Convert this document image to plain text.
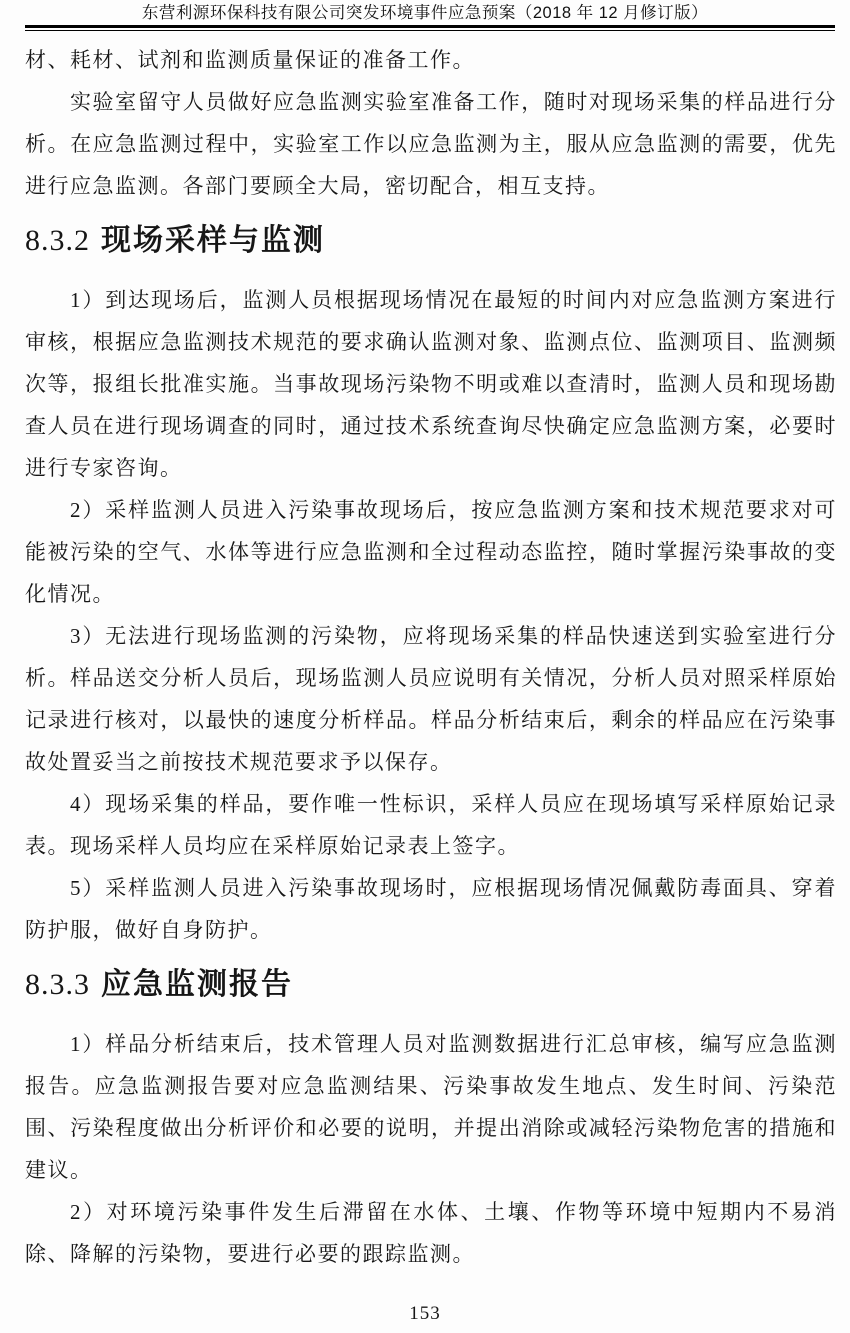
东营利源环保科技有限公司突发环境事件应急预案（2018 年 12 月修订版）

材、耗材、试剂和监测质量保证的准备工作。

实验室留守人员做好应急监测实验室准备工作，随时对现场采集的样品进行分析。在应急监测过程中，实验室工作以应急监测为主，服从应急监测的需要，优先进行应急监测。各部门要顾全大局，密切配合，相互支持。

8.3.2 现场采样与监测

1）到达现场后，监测人员根据现场情况在最短的时间内对应急监测方案进行审核，根据应急监测技术规范的要求确认监测对象、监测点位、监测项目、监测频次等，报组长批准实施。当事故现场污染物不明或难以查清时，监测人员和现场勘查人员在进行现场调查的同时，通过技术系统查询尽快确定应急监测方案，必要时进行专家咨询。

2）采样监测人员进入污染事故现场后，按应急监测方案和技术规范要求对可能被污染的空气、水体等进行应急监测和全过程动态监控，随时掌握污染事故的变化情况。

3）无法进行现场监测的污染物，应将现场采集的样品快速送到实验室进行分析。样品送交分析人员后，现场监测人员应说明有关情况，分析人员对照采样原始记录进行核对，以最快的速度分析样品。样品分析结束后，剩余的样品应在污染事故处置妥当之前按技术规范要求予以保存。

4）现场采集的样品，要作唯一性标识，采样人员应在现场填写采样原始记录表。现场采样人员均应在采样原始记录表上签字。

5）采样监测人员进入污染事故现场时，应根据现场情况佩戴防毒面具、穿着防护服，做好自身防护。

8.3.3 应急监测报告

1）样品分析结束后，技术管理人员对监测数据进行汇总审核，编写应急监测报告。应急监测报告要对应急监测结果、污染事故发生地点、发生时间、污染范围、污染程度做出分析评价和必要的说明，并提出消除或减轻污染物危害的措施和建议。

2）对环境污染事件发生后滞留在水体、土壤、作物等环境中短期内不易消除、降解的污染物，要进行必要的跟踪监测。

153
